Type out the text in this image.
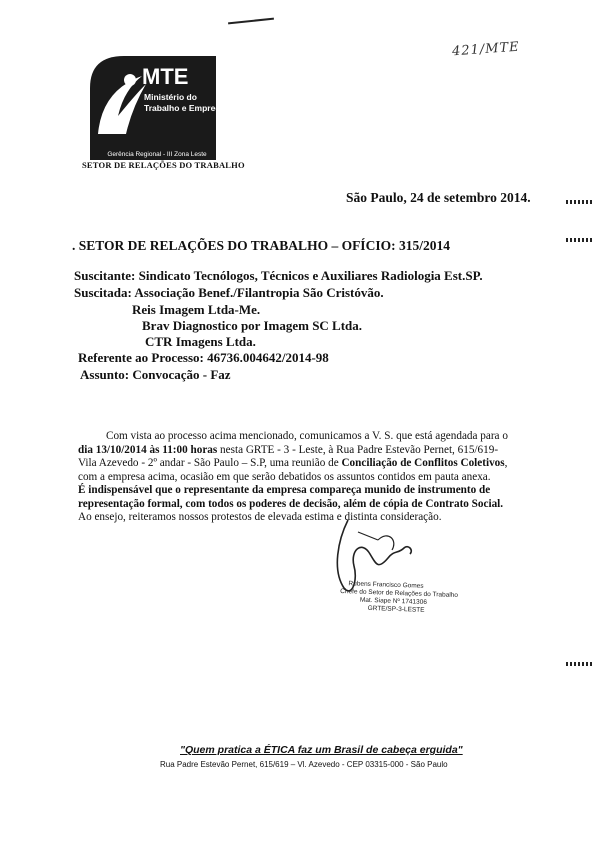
421/MTE
MTE
Ministério do
Trabalho e Emprego
Gerência Regional - III Zona Leste
SETOR DE RELAÇÕES DO TRABALHO
São Paulo, 24 de setembro 2014.
. SETOR DE RELAÇÕES DO TRABALHO – OFÍCIO: 315/2014
Suscitante: Sindicato Tecnólogos, Técnicos e Auxiliares Radiologia Est.SP.
Suscitada: Associação Benef./Filantropia São Cristóvão.
Reis Imagem Ltda-Me.
Brav Diagnostico por Imagem SC Ltda.
CTR Imagens Ltda.
Referente ao Processo: 46736.004642/2014-98
Assunto: Convocação - Faz
Com vista ao processo acima mencionado, comunicamos a V. S. que está agendada para o
dia 13/10/2014 às 11:00 horas nesta GRTE - 3 - Leste, à Rua Padre Estevão Pernet, 615/619-
Vila Azevedo - 2º andar - São Paulo – S.P, uma reunião de Conciliação de Conflitos Coletivos,
com a empresa acima, ocasião em que serão debatidos os assuntos contidos em pauta anexa.
É indispensável que o representante da empresa compareça munido de instrumento de
representação formal, com todos os poderes de decisão, além de cópia de Contrato Social.
Ao ensejo, reiteramos nossos protestos de elevada estima e distinta consideração.
Rubens Francisco Gomes
Chefe do Setor de Relações do Trabalho
Mat. Siape Nº 1741306
GRTE/SP-3-LESTE
"Quem pratica a ÉTICA faz um Brasil de cabeça erguida"
Rua Padre Estevão Pernet, 615/619 – Vl. Azevedo - CEP 03315-000 - São Paulo
